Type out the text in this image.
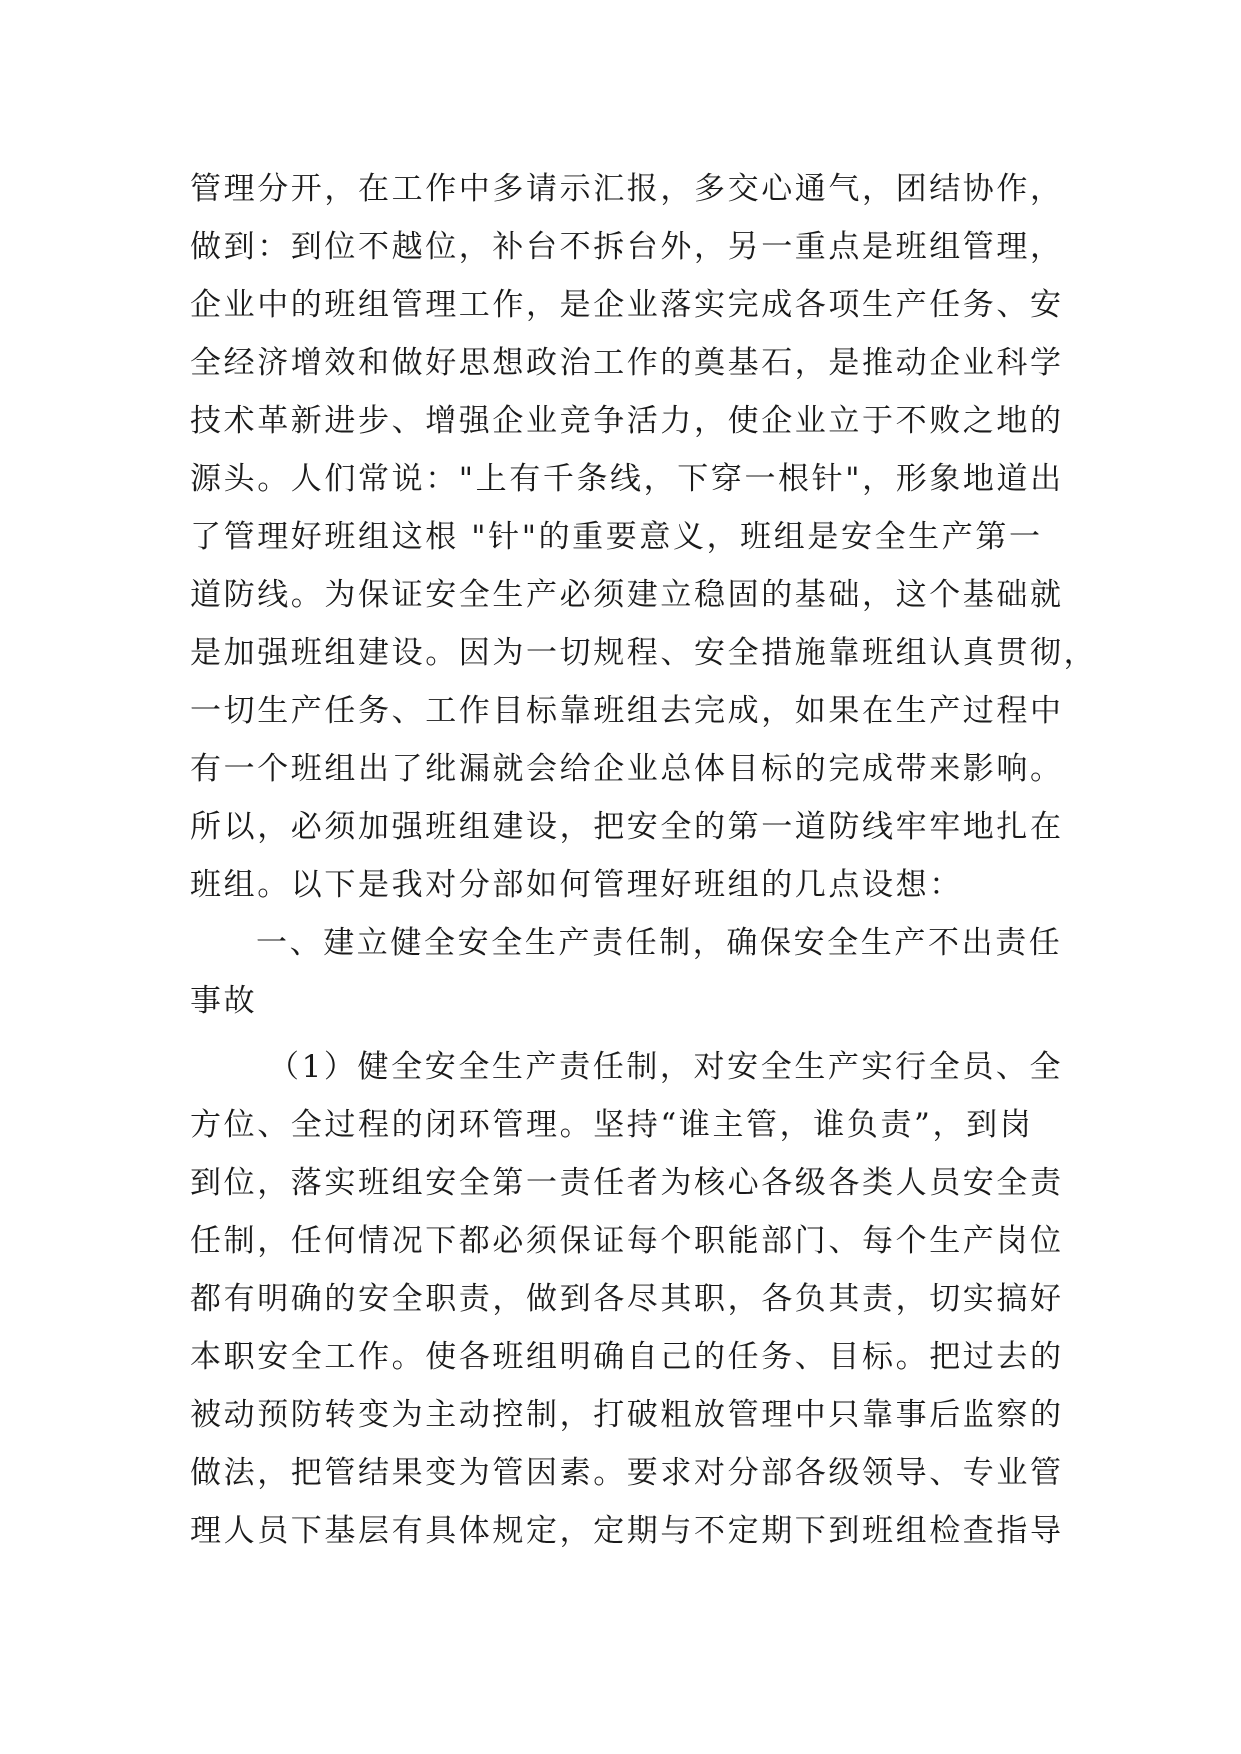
管理分开，在工作中多请示汇报，多交心通气，团结协作，
做到：到位不越位，补台不拆台外，另一重点是班组管理，
企业中的班组管理工作，是企业落实完成各项生产任务、安
全经济增效和做好思想政治工作的奠基石，是推动企业科学
技术革新进步、增强企业竞争活力，使企业立于不败之地的
源头。人们常说："上有千条线，下穿一根针"，形象地道出
了管理好班组这根 "针"的重要意义，班组是安全生产第一
道防线。为保证安全生产必须建立稳固的基础，这个基础就
是加强班组建设。因为一切规程、安全措施靠班组认真贯彻，
一切生产任务、工作目标靠班组去完成，如果在生产过程中
有一个班组出了纰漏就会给企业总体目标的完成带来影响。
所以，必须加强班组建设，把安全的第一道防线牢牢地扎在
班组。以下是我对分部如何管理好班组的几点设想：
一、建立健全安全生产责任制，确保安全生产不出责任
事故
（1）健全安全生产责任制，对安全生产实行全员、全
方位、全过程的闭环管理。坚持“谁主管，谁负责”，到岗
到位，落实班组安全第一责任者为核心各级各类人员安全责
任制，任何情况下都必须保证每个职能部门、每个生产岗位
都有明确的安全职责，做到各尽其职，各负其责，切实搞好
本职安全工作。使各班组明确自己的任务、目标。把过去的
被动预防转变为主动控制，打破粗放管理中只靠事后监察的
做法，把管结果变为管因素。要求对分部各级领导、专业管
理人员下基层有具体规定，定期与不定期下到班组检查指导
